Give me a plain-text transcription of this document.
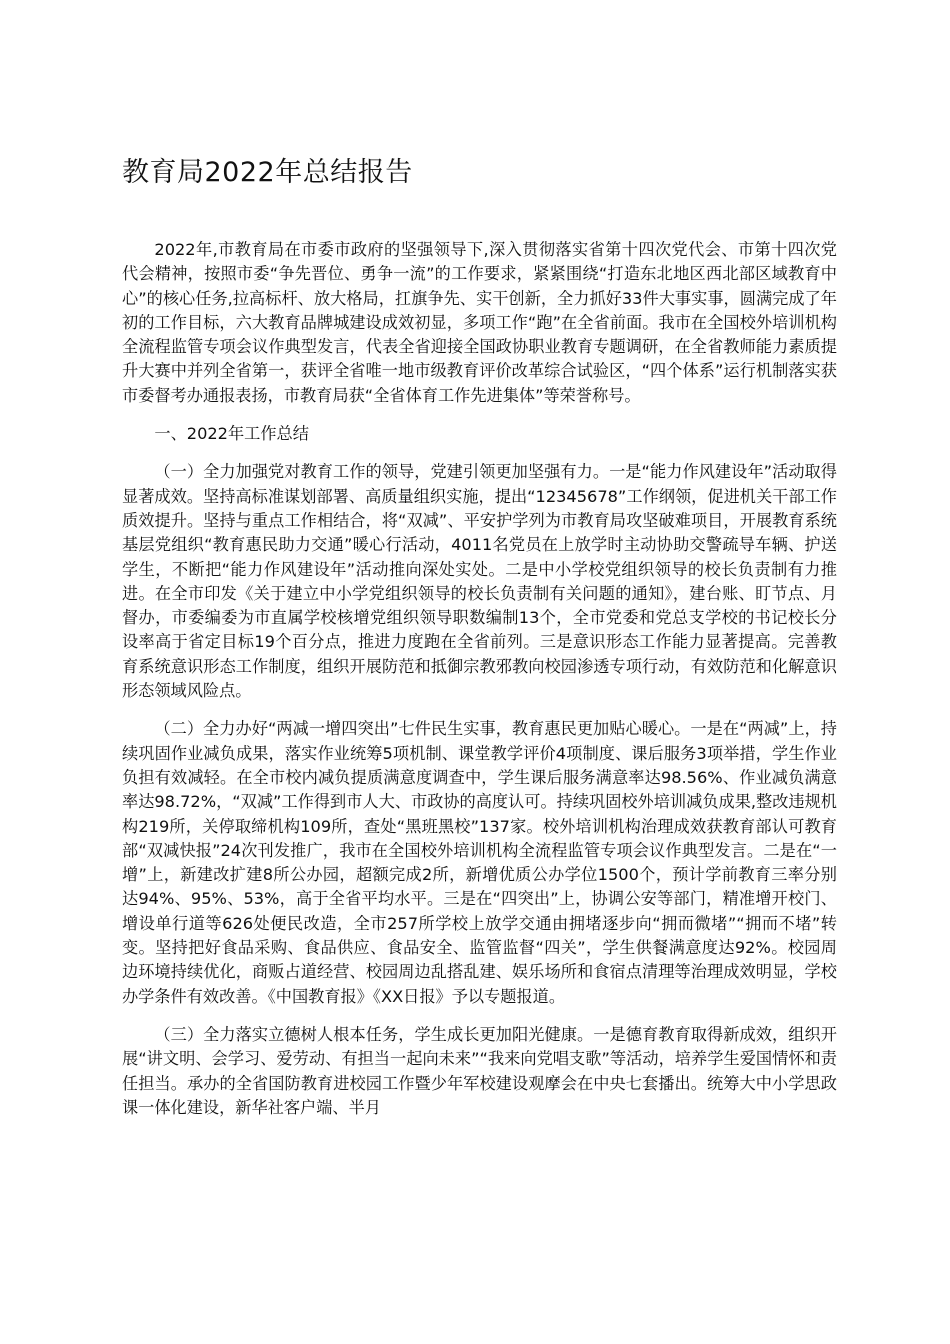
教育局2022年总结报告

2022年,市教育局在市委市政府的坚强领导下,深入贯彻落实省第十四次党代会、市第十四次党代会精神，按照市委“争先晋位、勇争一流”的工作要求，紧紧围绕“打造东北地区西北部区域教育中心”的核心任务,拉高标杆、放大格局，扛旗争先、实干创新，全力抓好33件大事实事，圆满完成了年初的工作目标，六大教育品牌城建设成效初显，多项工作“跑”在全省前面。我市在全国校外培训机构全流程监管专项会议作典型发言，代表全省迎接全国政协职业教育专题调研，在全省教师能力素质提升大赛中并列全省第一，获评全省唯一地市级教育评价改革综合试验区，“四个体系”运行机制落实获市委督考办通报表扬，市教育局获“全省体育工作先进集体”等荣誉称号。

一、2022年工作总结

（一）全力加强党对教育工作的领导，党建引领更加坚强有力。一是“能力作风建设年”活动取得显著成效。坚持高标准谋划部署、高质量组织实施，提出“12345678”工作纲领，促进机关干部工作质效提升。坚持与重点工作相结合，将“双减”、平安护学列为市教育局攻坚破难项目，开展教育系统基层党组织“教育惠民助力交通”暖心行活动，4011名党员在上放学时主动协助交警疏导车辆、护送学生，不断把“能力作风建设年”活动推向深处实处。二是中小学校党组织领导的校长负责制有力推进。在全市印发《关于建立中小学党组织领导的校长负责制有关问题的通知》，建台账、盯节点、月督办，市委编委为市直属学校核增党组织领导职数编制13个，全市党委和党总支学校的书记校长分设率高于省定目标19个百分点，推进力度跑在全省前列。三是意识形态工作能力显著提高。完善教育系统意识形态工作制度，组织开展防范和抵御宗教邪教向校园渗透专项行动，有效防范和化解意识形态领域风险点。

（二）全力办好“两减一增四突出”七件民生实事，教育惠民更加贴心暖心。一是在“两减”上，持续巩固作业减负成果，落实作业统筹5项机制、课堂教学评价4项制度、课后服务3项举措，学生作业负担有效减轻。在全市校内减负提质满意度调查中，学生课后服务满意率达98.56%、作业减负满意率达98.72%，“双减”工作得到市人大、市政协的高度认可。持续巩固校外培训减负成果,整改违规机构219所，关停取缔机构109所，查处“黑班黑校”137家。校外培训机构治理成效获教育部认可教育部“双减快报”24次刊发推广，我市在全国校外培训机构全流程监管专项会议作典型发言。二是在“一增”上，新建改扩建8所公办园，超额完成2所，新增优质公办学位1500个，预计学前教育三率分别达94%、95%、53%，高于全省平均水平。三是在“四突出”上，协调公安等部门，精准增开校门、增设单行道等626处便民改造，全市257所学校上放学交通由拥堵逐步向“拥而微堵”“拥而不堵”转变。坚持把好食品采购、食品供应、食品安全、监管监督“四关”，学生供餐满意度达92%。校园周边环境持续优化，商贩占道经营、校园周边乱搭乱建、娱乐场所和食宿点清理等治理成效明显，学校办学条件有效改善。《中国教育报》《XX日报》予以专题报道。

（三）全力落实立德树人根本任务，学生成长更加阳光健康。一是德育教育取得新成效，组织开展“讲文明、会学习、爱劳动、有担当一起向未来”“我来向党唱支歌”等活动，培养学生爱国情怀和责任担当。承办的全省国防教育进校园工作暨少年军校建设观摩会在中央七套播出。统筹大中小学思政课一体化建设，新华社客户端、半月
